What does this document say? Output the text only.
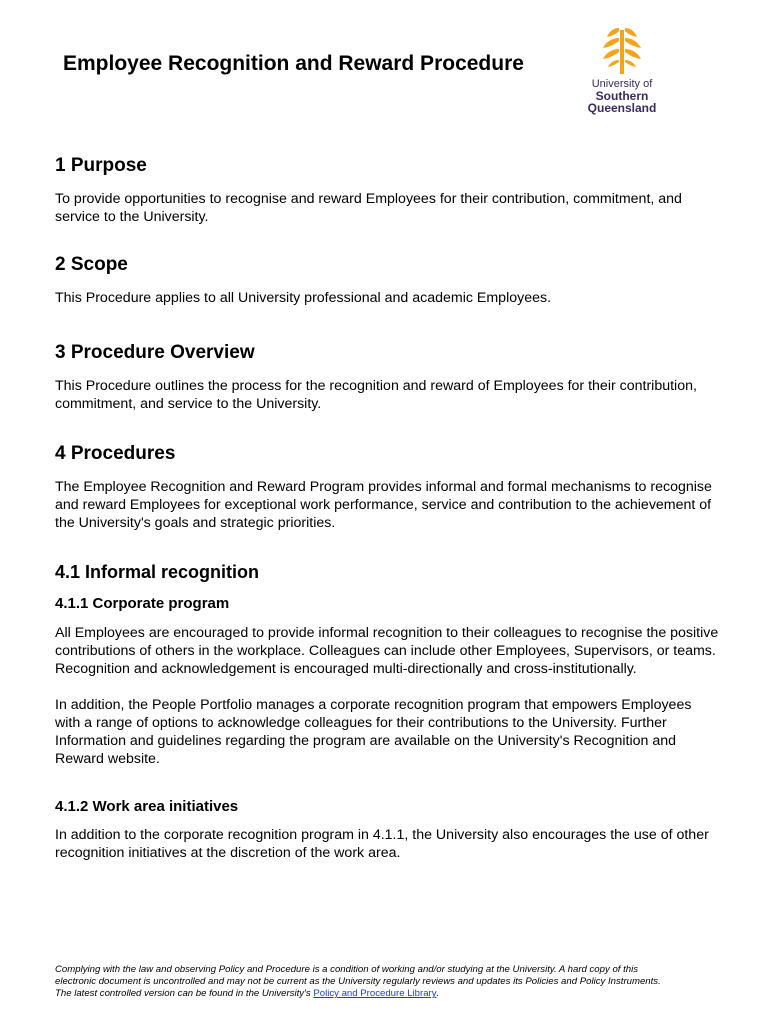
Employee Recognition and Reward Procedure
University of
Southern
Queensland
1 Purpose

To provide opportunities to recognise and reward Employees for their contribution, commitment, and service to the University.

2 Scope

This Procedure applies to all University professional and academic Employees.

3 Procedure Overview

This Procedure outlines the process for the recognition and reward of Employees for their contribution, commitment, and service to the University.

4 Procedures

The Employee Recognition and Reward Program provides informal and formal mechanisms to recognise and reward Employees for exceptional work performance, service and contribution to the achievement of the University's goals and strategic priorities.

4.1 Informal recognition
4.1.1 Corporate program

All Employees are encouraged to provide informal recognition to their colleagues to recognise the positive contributions of others in the workplace. Colleagues can include other Employees, Supervisors, or teams. Recognition and acknowledgement is encouraged multi-directionally and cross-institutionally.

In addition, the People Portfolio manages a corporate recognition program that empowers Employees with a range of options to acknowledge colleagues for their contributions to the University. Further Information and guidelines regarding the program are available on the University's Recognition and Reward website.

4.1.2 Work area initiatives

In addition to the corporate recognition program in 4.1.1, the University also encourages the use of other recognition initiatives at the discretion of the work area.

Complying with the law and observing Policy and Procedure is a condition of working and/or studying at the University. A hard copy of this
electronic document is uncontrolled and may not be current as the University regularly reviews and updates its Policies and Policy Instruments.
The latest controlled version can be found in the University's Policy and Procedure Library.
